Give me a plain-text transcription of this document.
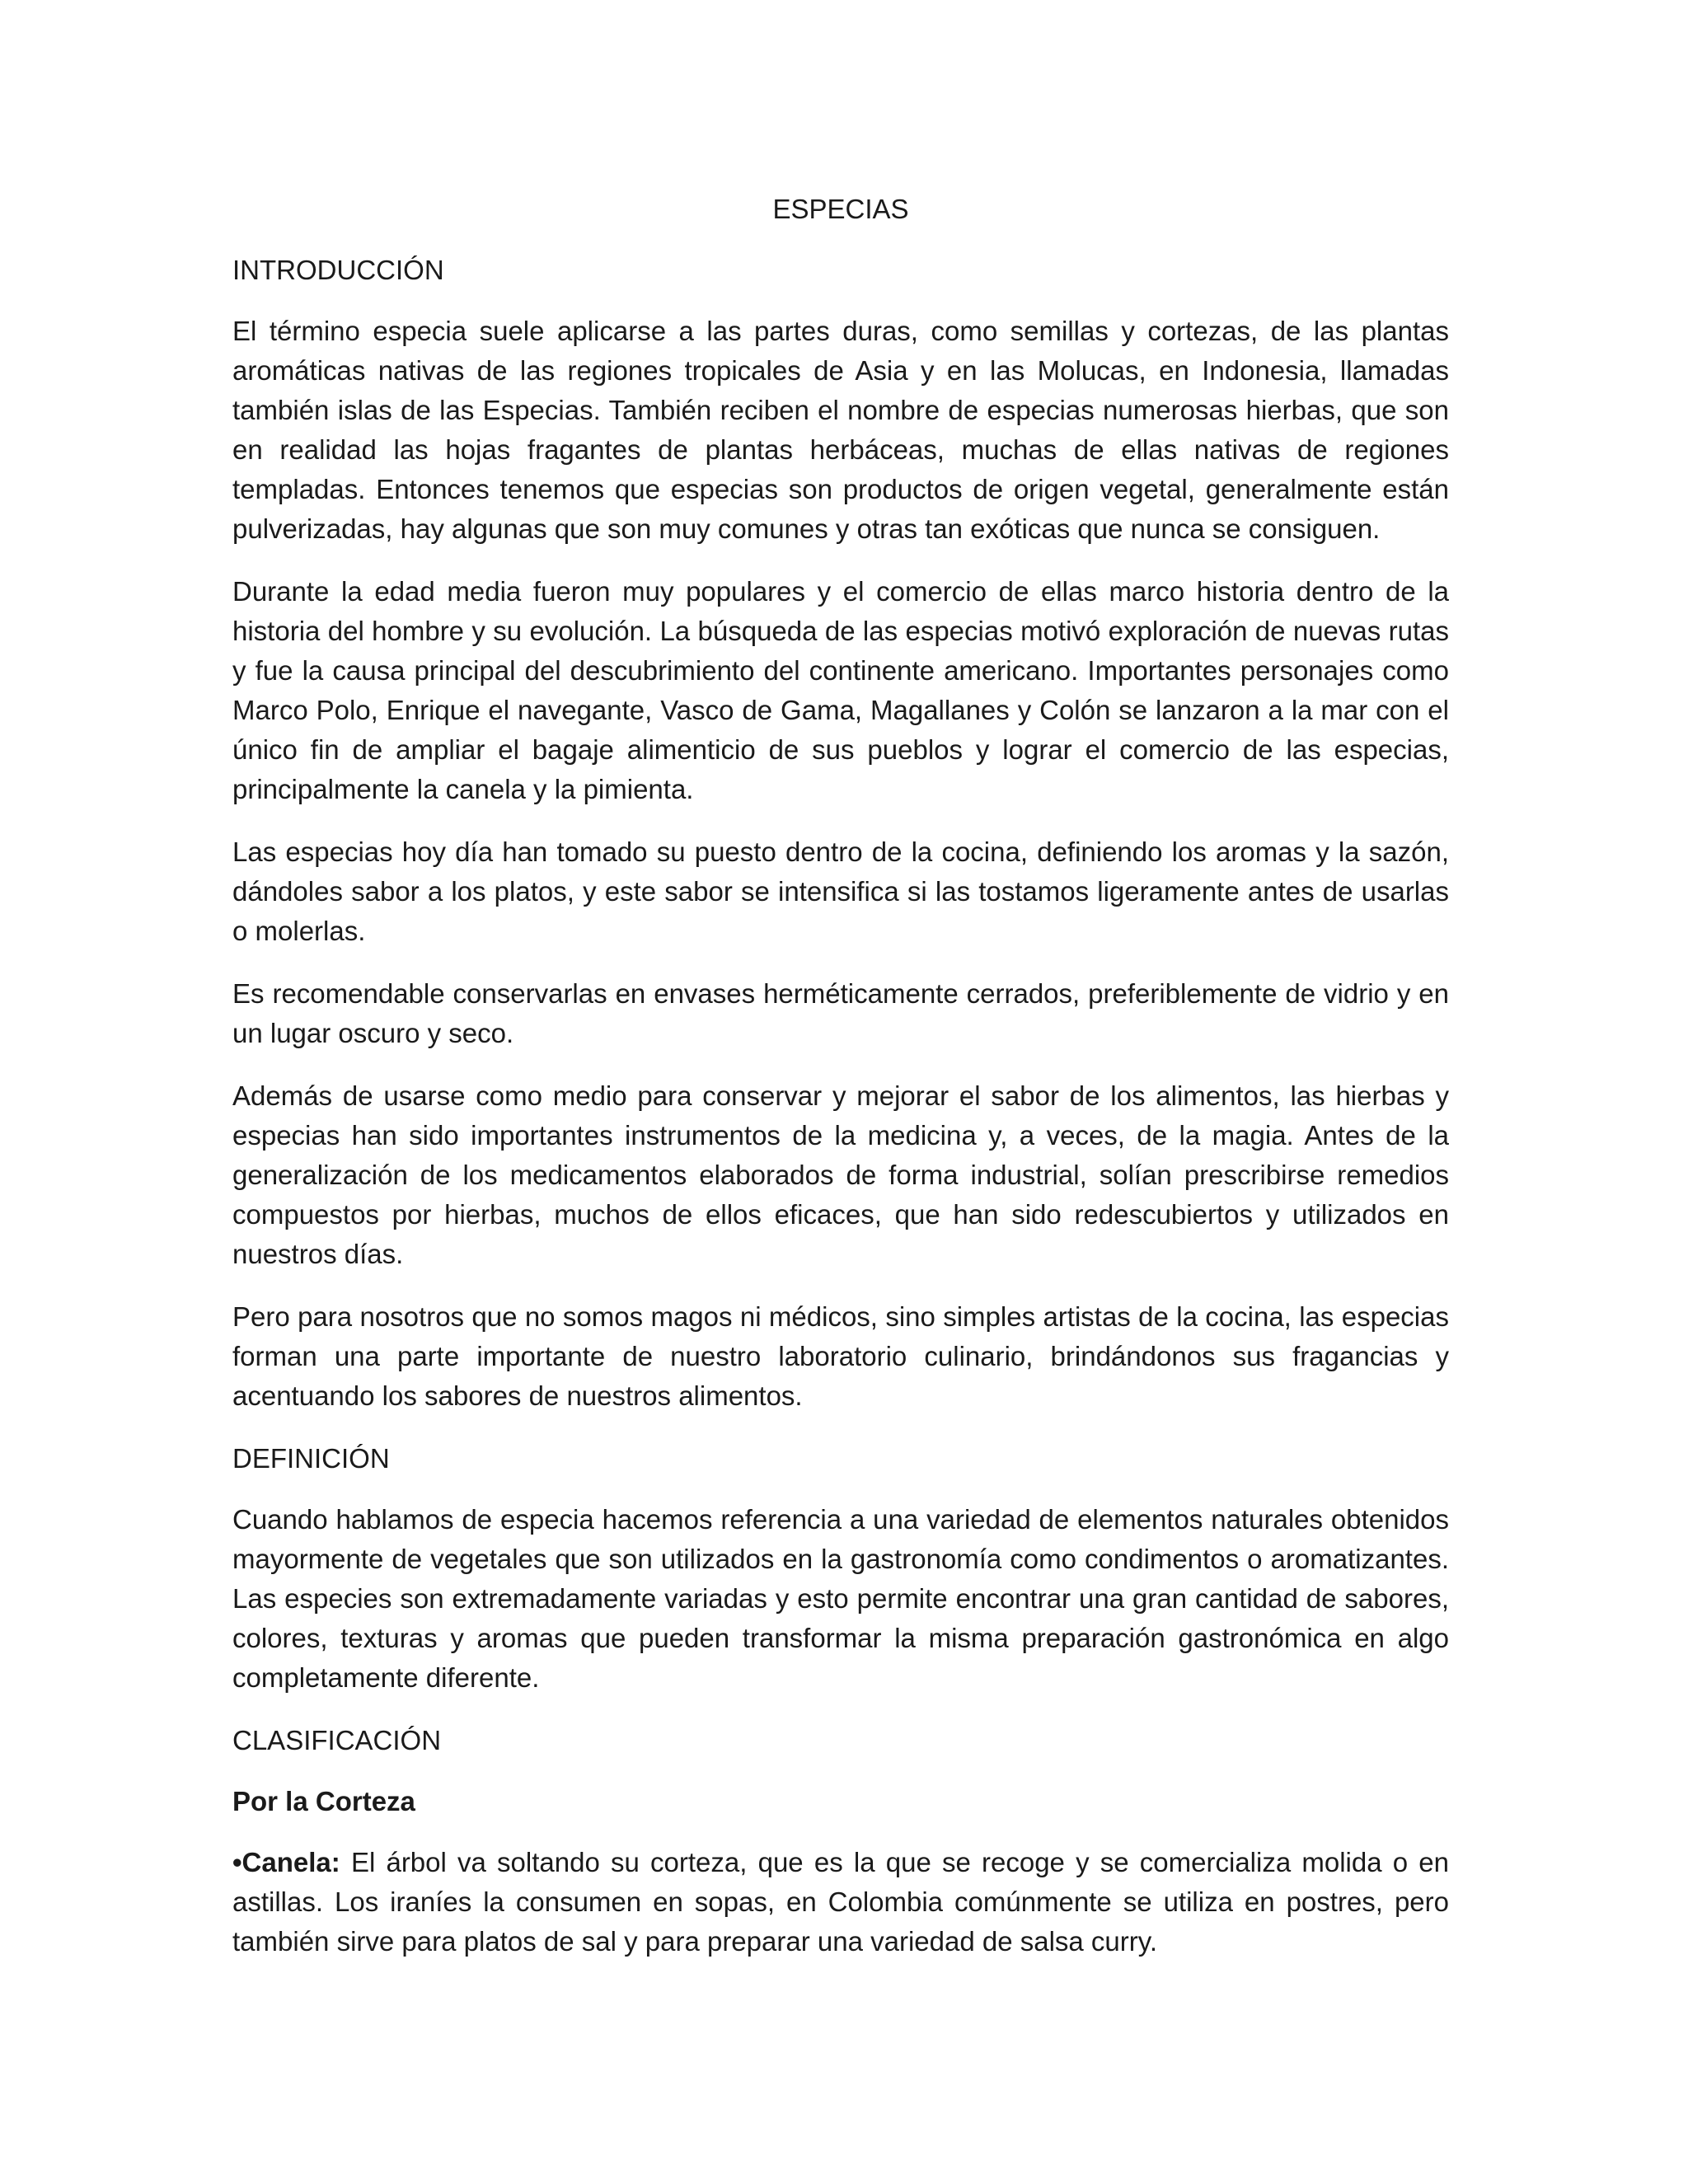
ESPECIAS
INTRODUCCIÓN

El término especia suele aplicarse a las partes duras, como semillas y cortezas, de las plantas aromáticas nativas de las regiones tropicales de Asia y en las Molucas, en Indonesia, llamadas también islas de las Especias. También reciben el nombre de especias numerosas hierbas, que son en realidad las hojas fragantes de plantas herbáceas, muchas de ellas nativas de regiones templadas. Entonces tenemos que especias son productos de origen vegetal, generalmente están pulverizadas, hay algunas que son muy comunes y otras tan exóticas que nunca se consiguen.

Durante la edad media fueron muy populares y el comercio de ellas marco historia dentro de la historia del hombre y su evolución. La búsqueda de las especias motivó exploración de nuevas rutas y fue la causa principal del descubrimiento del continente americano. Importantes personajes como Marco Polo, Enrique el navegante, Vasco de Gama, Magallanes y Colón se lanzaron a la mar con el único fin de ampliar el bagaje alimenticio de sus pueblos y lograr el comercio de las especias, principalmente la canela y la pimienta.

Las especias hoy día han tomado su puesto dentro de la cocina, definiendo los aromas y la sazón, dándoles sabor a los platos, y este sabor se intensifica si las tostamos ligeramente antes de usarlas o molerlas.

Es recomendable conservarlas en envases herméticamente cerrados, preferiblemente de vidrio y en un lugar oscuro y seco.

Además de usarse como medio para conservar y mejorar el sabor de los alimentos, las hierbas y especias han sido importantes instrumentos de la medicina y, a veces, de la magia. Antes de la generalización de los medicamentos elaborados de forma industrial, solían prescribirse remedios compuestos por hierbas, muchos de ellos eficaces, que han sido redescubiertos y utilizados en nuestros días.

Pero para nosotros que no somos magos ni médicos, sino simples artistas de la cocina, las especias forman una parte importante de nuestro laboratorio culinario, brindándonos sus fragancias y acentuando los sabores de nuestros alimentos.

DEFINICIÓN

Cuando hablamos de especia hacemos referencia a una variedad de elementos naturales obtenidos mayormente de vegetales que son utilizados en la gastronomía como condimentos o aromatizantes. Las especies son extremadamente variadas y esto permite encontrar una gran cantidad de sabores, colores, texturas y aromas que pueden transformar la misma preparación gastronómica en algo completamente diferente.

CLASIFICACIÓN
Por la Corteza

•Canela: El árbol va soltando su corteza, que es la que se recoge y se comercializa molida o en astillas. Los iraníes la consumen en sopas, en Colombia comúnmente se utiliza en postres, pero también sirve para platos de sal y para preparar una variedad de salsa curry.
